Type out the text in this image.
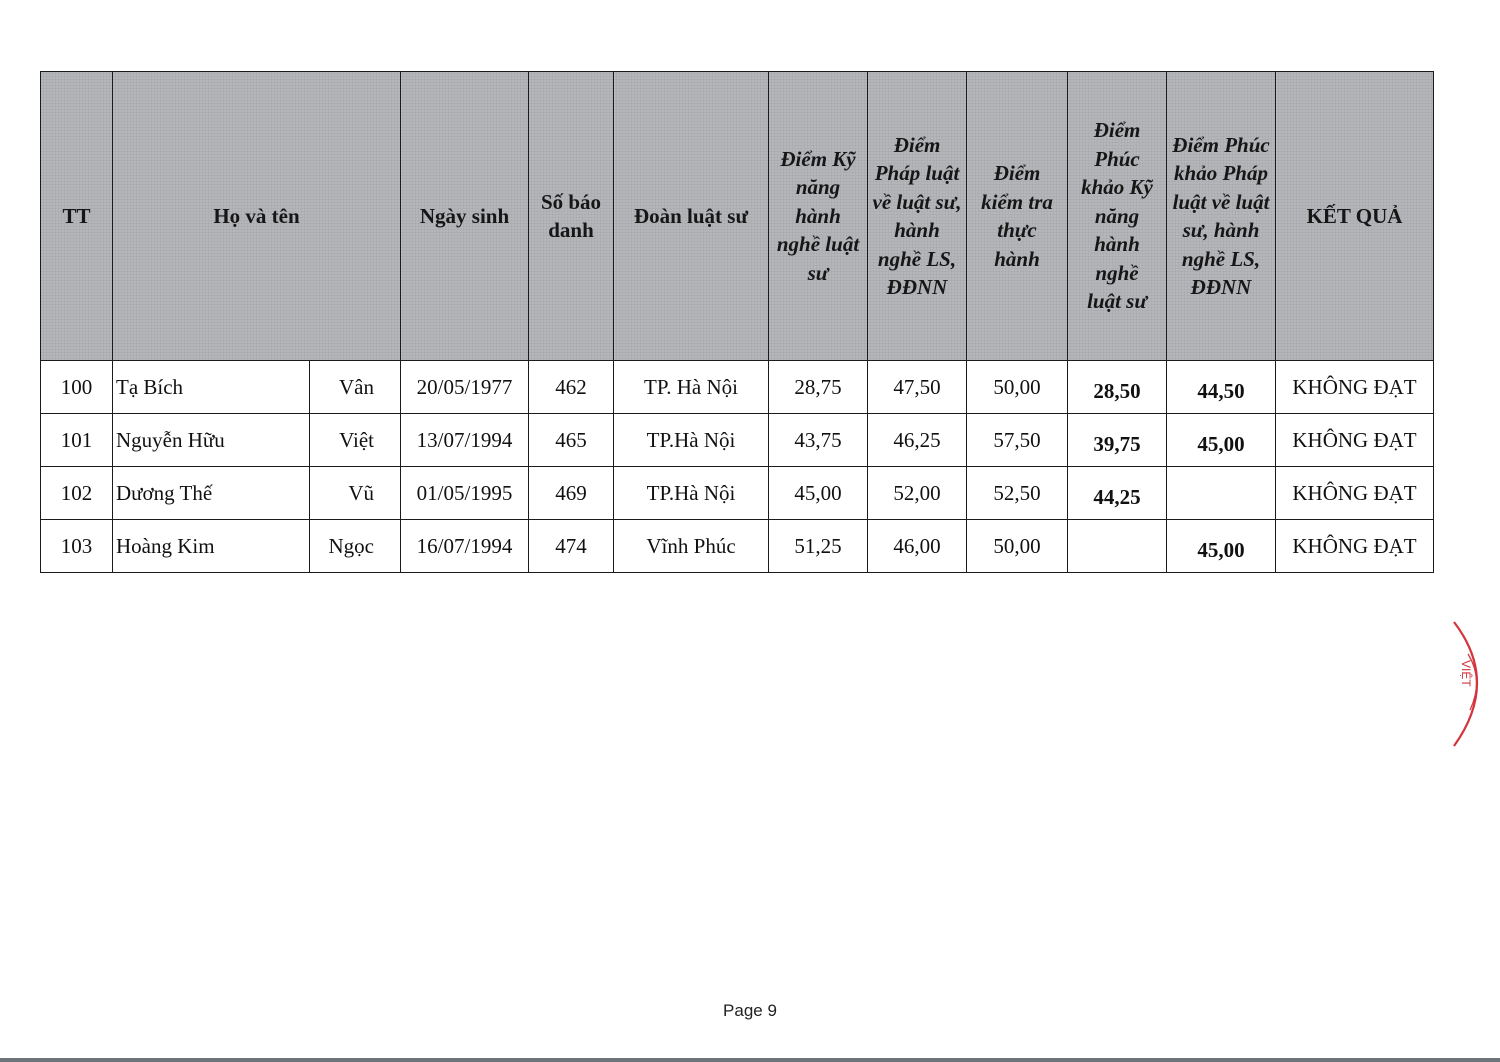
TT	Họ và tên		Ngày sinh	Số báo danh	Đoàn luật sư	Điểm Kỹ năng hành nghề luật sư	Điểm Pháp luật về luật sư, hành nghề LS, ĐĐNN	Điểm kiểm tra thực hành	Điểm Phúc khảo Kỹ năng hành nghề luật sư	Điểm Phúc khảo Pháp luật về luật sư, hành nghề LS, ĐĐNN	KẾT QUẢ
100	Tạ Bích	Vân	20/05/1977	462	TP. Hà Nội	28,75	47,50	50,00	28,50	44,50	KHÔNG ĐẠT
101	Nguyễn Hữu	Việt	13/07/1994	465	TP.Hà Nội	43,75	46,25	57,50	39,75	45,00	KHÔNG ĐẠT
102	Dương Thế	Vũ	01/05/1995	469	TP.Hà Nội	45,00	52,00	52,50	44,25		KHÔNG ĐẠT
103	Hoàng Kim	Ngọc	16/07/1994	474	Vĩnh Phúc	51,25	46,00	50,00		45,00	KHÔNG ĐẠT
VIỆT
Page 9
